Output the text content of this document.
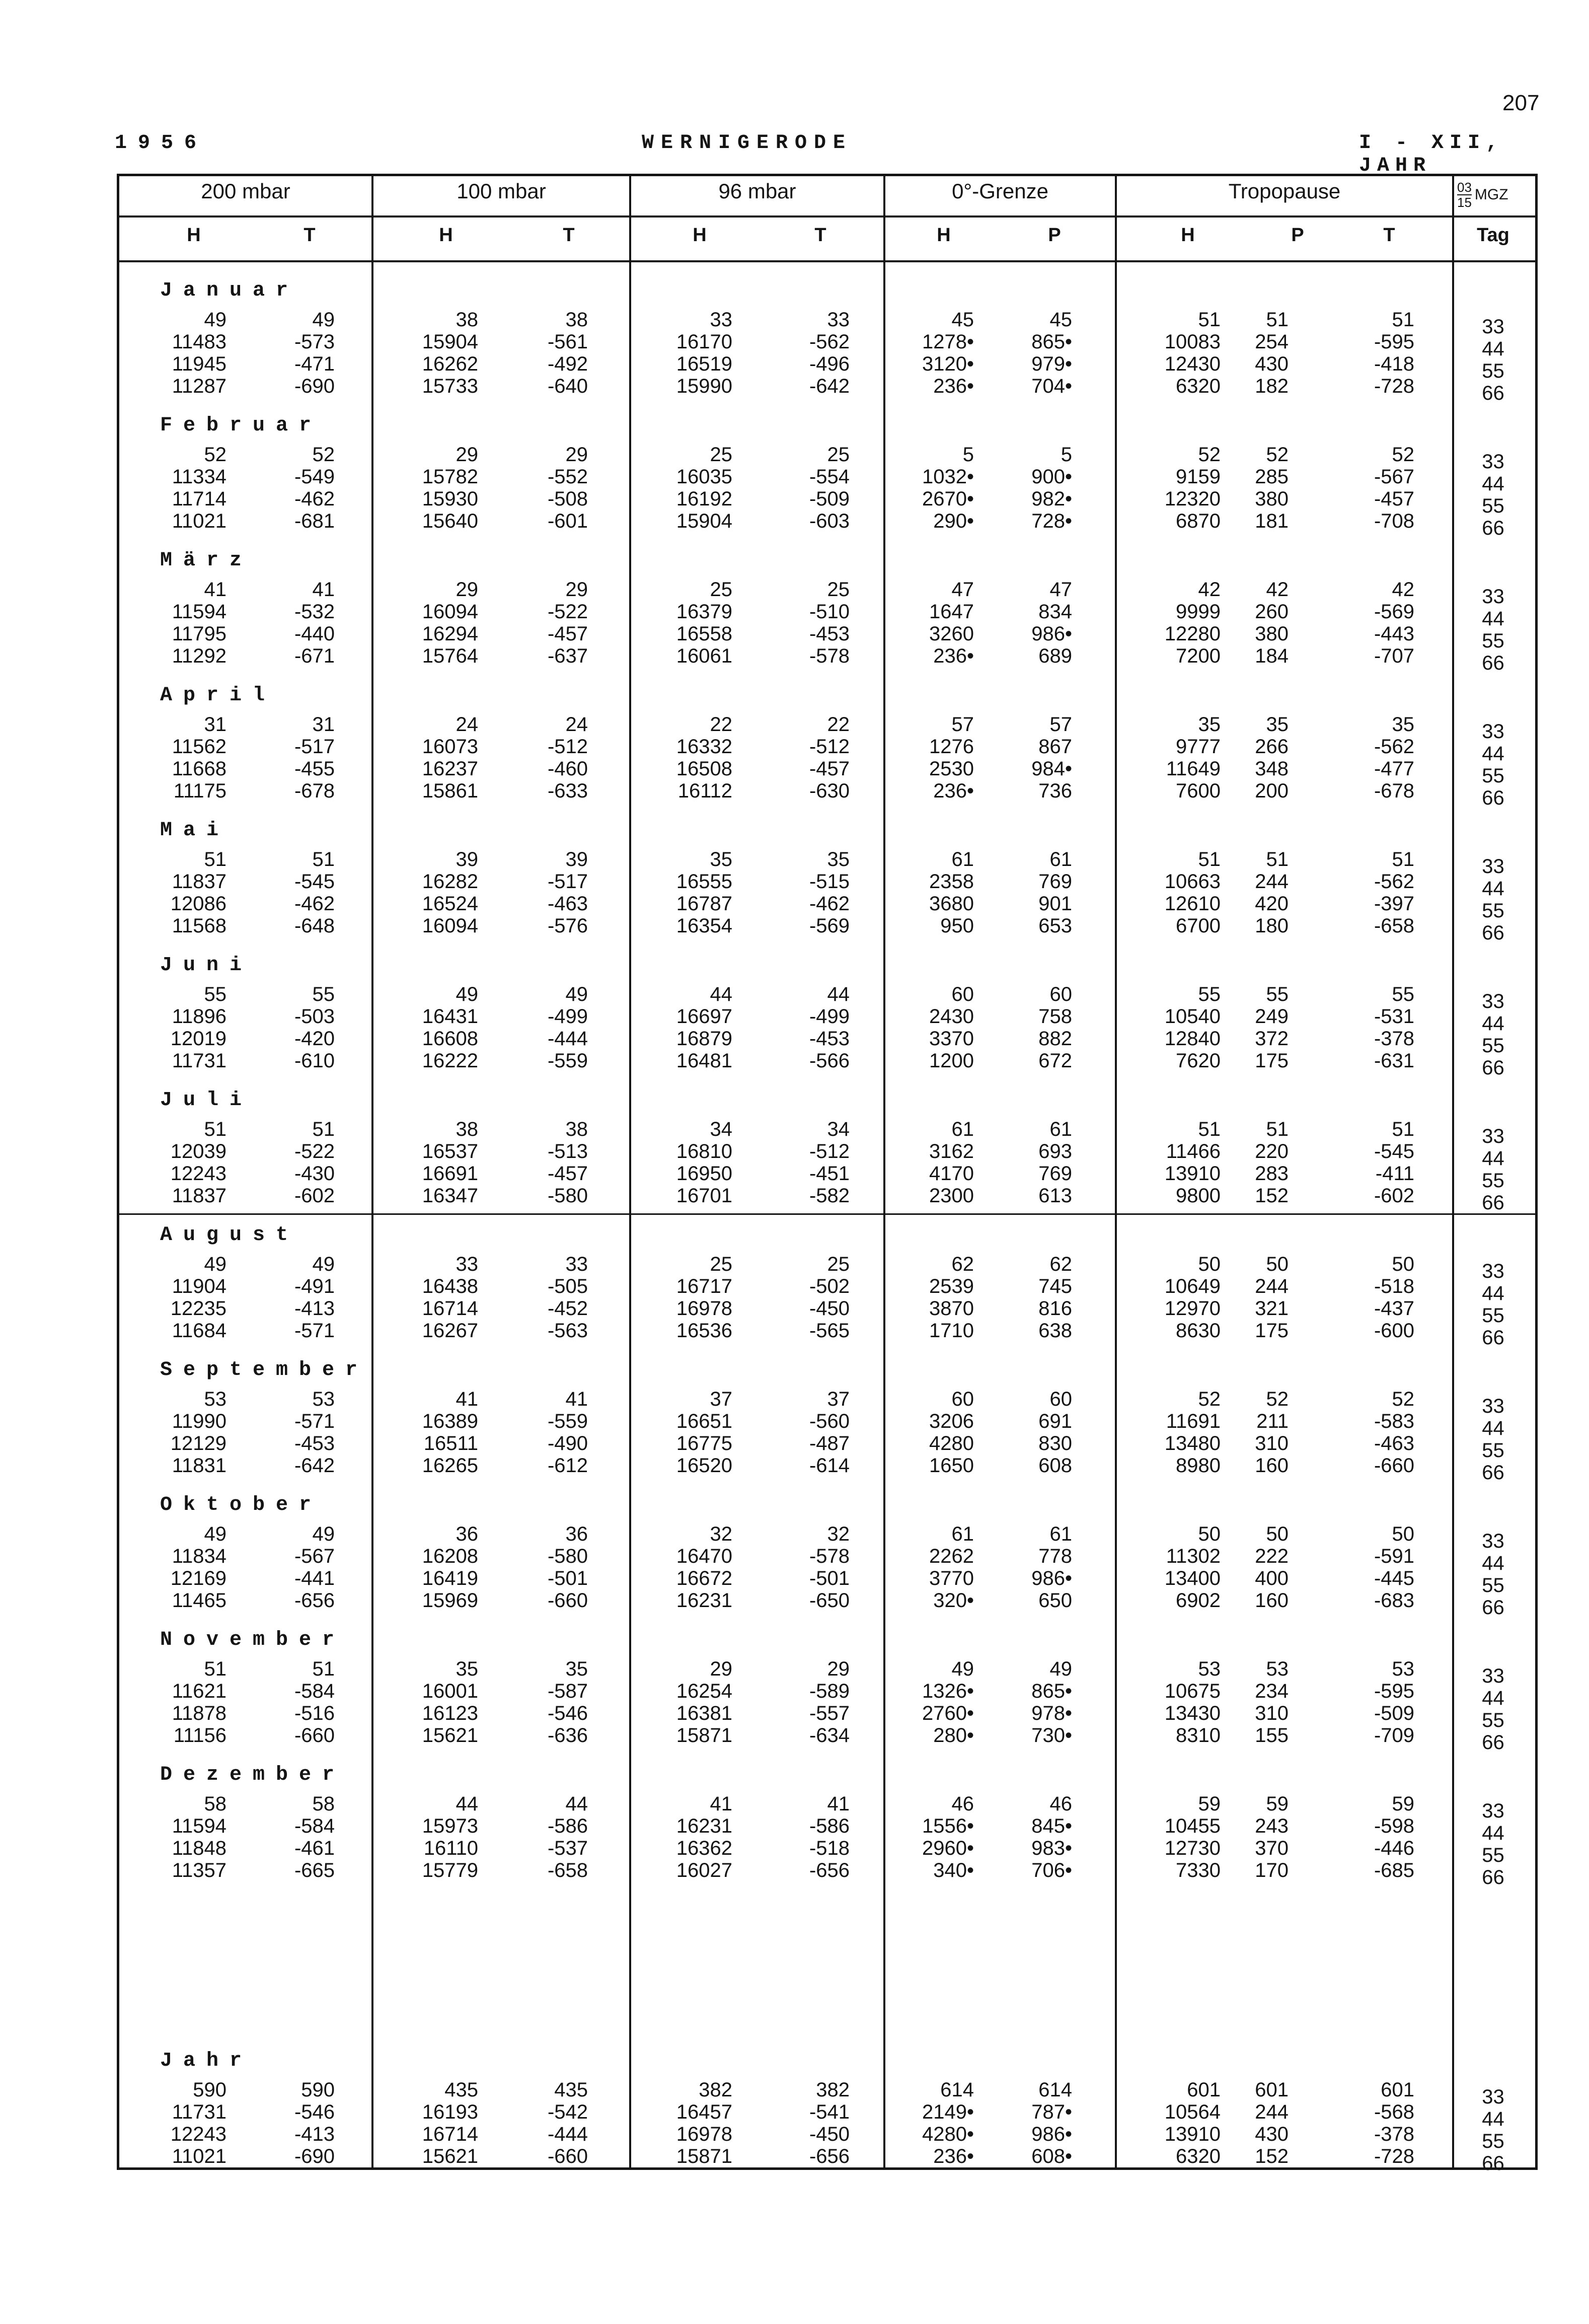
207
1956	WERNIGERODE	I - XII, JAHR
200 mbar	100 mbar	96 mbar	0°-Grenze	Tropopause	$\frac{03}{15}$ MGZ
H	T	H	T	H	T	H	P	H	P	T	Tag
Januar
49	49	38	38	33	33	45	45	51	51	51	33
11483	-573	15904	-561	16170	-562	1278•	865•	10083	254	-595	44
11945	-471	16262	-492	16519	-496	3120•	979•	12430	430	-418	55
11287	-690	15733	-640	15990	-642	236•	704•	6320	182	-728	66
Februar
52	52	29	29	25	25	5	5	52	52	52	33
11334	-549	15782	-552	16035	-554	1032•	900•	9159	285	-567	44
11714	-462	15930	-508	16192	-509	2670•	982•	12320	380	-457	55
11021	-681	15640	-601	15904	-603	290•	728•	6870	181	-708	66
März
41	41	29	29	25	25	47	47	42	42	42	33
11594	-532	16094	-522	16379	-510	1647	834	9999	260	-569	44
11795	-440	16294	-457	16558	-453	3260	986•	12280	380	-443	55
11292	-671	15764	-637	16061	-578	236•	689	7200	184	-707	66
April
31	31	24	24	22	22	57	57	35	35	35	33
11562	-517	16073	-512	16332	-512	1276	867	9777	266	-562	44
11668	-455	16237	-460	16508	-457	2530	984•	11649	348	-477	55
11175	-678	15861	-633	16112	-630	236•	736	7600	200	-678	66
Mai
51	51	39	39	35	35	61	61	51	51	51	33
11837	-545	16282	-517	16555	-515	2358	769	10663	244	-562	44
12086	-462	16524	-463	16787	-462	3680	901	12610	420	-397	55
11568	-648	16094	-576	16354	-569	950	653	6700	180	-658	66
Juni
55	55	49	49	44	44	60	60	55	55	55	33
11896	-503	16431	-499	16697	-499	2430	758	10540	249	-531	44
12019	-420	16608	-444	16879	-453	3370	882	12840	372	-378	55
11731	-610	16222	-559	16481	-566	1200	672	7620	175	-631	66
Juli
51	51	38	38	34	34	61	61	51	51	51	33
12039	-522	16537	-513	16810	-512	3162	693	11466	220	-545	44
12243	-430	16691	-457	16950	-451	4170	769	13910	283	-411	55
11837	-602	16347	-580	16701	-582	2300	613	9800	152	-602	66
August
49	49	33	33	25	25	62	62	50	50	50	33
11904	-491	16438	-505	16717	-502	2539	745	10649	244	-518	44
12235	-413	16714	-452	16978	-450	3870	816	12970	321	-437	55
11684	-571	16267	-563	16536	-565	1710	638	8630	175	-600	66
September
53	53	41	41	37	37	60	60	52	52	52	33
11990	-571	16389	-559	16651	-560	3206	691	11691	211	-583	44
12129	-453	16511	-490	16775	-487	4280	830	13480	310	-463	55
11831	-642	16265	-612	16520	-614	1650	608	8980	160	-660	66
Oktober
49	49	36	36	32	32	61	61	50	50	50	33
11834	-567	16208	-580	16470	-578	2262	778	11302	222	-591	44
12169	-441	16419	-501	16672	-501	3770	986•	13400	400	-445	55
11465	-656	15969	-660	16231	-650	320•	650	6902	160	-683	66
November
51	51	35	35	29	29	49	49	53	53	53	33
11621	-584	16001	-587	16254	-589	1326•	865•	10675	234	-595	44
11878	-516	16123	-546	16381	-557	2760•	978•	13430	310	-509	55
11156	-660	15621	-636	15871	-634	280•	730•	8310	155	-709	66
Dezember
58	58	44	44	41	41	46	46	59	59	59	33
11594	-584	15973	-586	16231	-586	1556•	845•	10455	243	-598	44
11848	-461	16110	-537	16362	-518	2960•	983•	12730	370	-446	55
11357	-665	15779	-658	16027	-656	340•	706•	7330	170	-685	66
Jahr
590	590	435	435	382	382	614	614	601	601	601	33
11731	-546	16193	-542	16457	-541	2149•	787•	10564	244	-568	44
12243	-413	16714	-444	16978	-450	4280•	986•	13910	430	-378	55
11021	-690	15621	-660	15871	-656	236•	608•	6320	152	-728	66
